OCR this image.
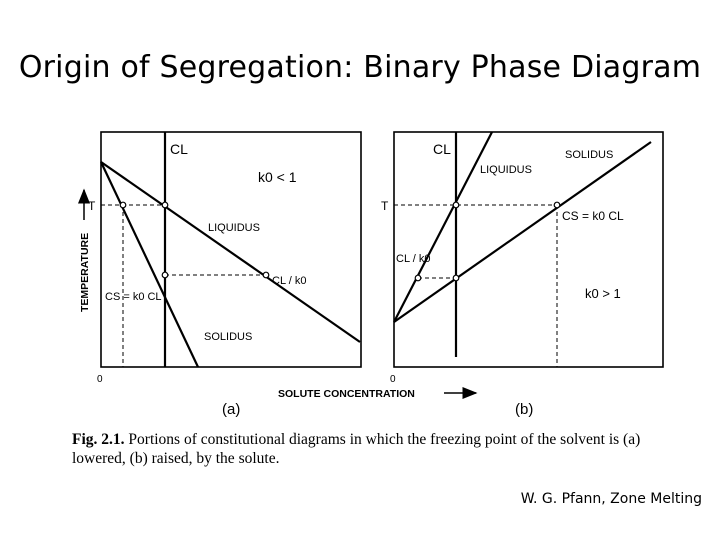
Origin of Segregation: Binary Phase Diagram
CL
k0 < 1
LIQUIDUS
SOLIDUS
CL / k0
CS = k0 CL
(a)
TEMPERATURE
T
0
CL
LIQUIDUS
SOLIDUS
CS = k0 CL
CL / k0
k0 > 1
(b)
T
0
SOLUTE CONCENTRATION
Fig. 2.1. Portions of constitutional diagrams in which the freezing point of the solvent is (a) lowered, (b) raised, by the solute.
W. G. Pfann, Zone Melting
